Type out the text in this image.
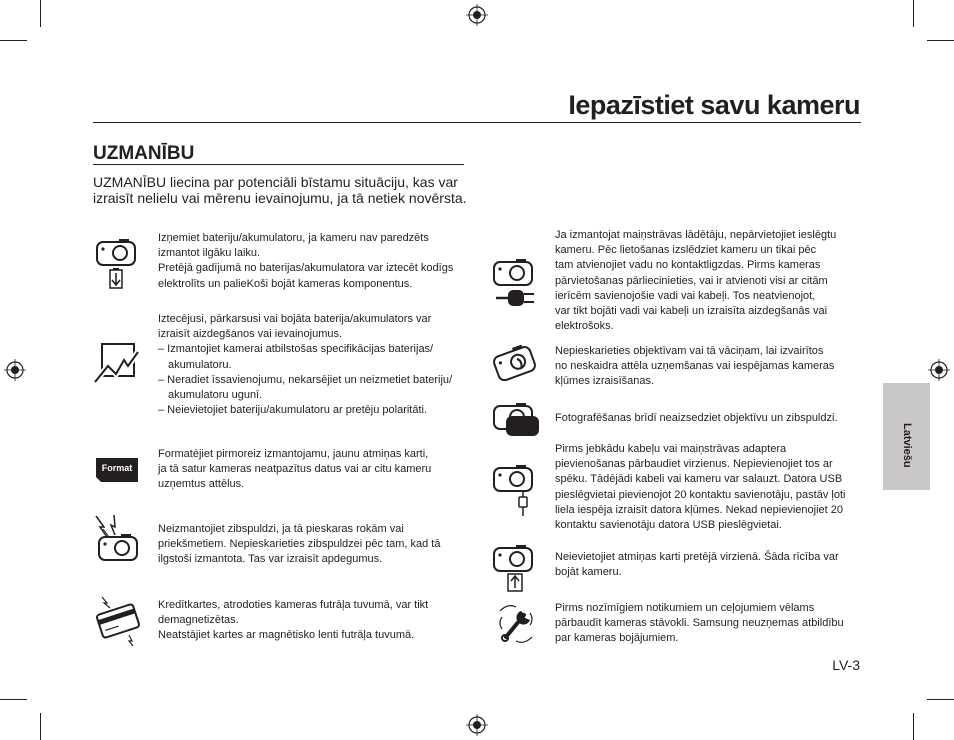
Iepazīstiet savu kameru
UZMANĪBU
UZMANĪBU liecina par potenciāli bīstamu situāciju, kas var izraisīt nelielu vai mērenu ievainojumu, ja tā netiek novērsta.

Izņemiet bateriju/akumulatoru, ja kameru nav paredzēts

izmantot ilgāku laiku.

Pretējā gadījumā no baterijas/akumulatora var iztecēt kodīgs

elektrolīts un palieKoši bojāt kameras komponentus.

Iztecējusi, pārkarsusi vai bojāta baterija/akumulators var

izraisīt aizdegšanos vai ievainojumus.

– Izmantojiet kamerai atbilstošas specifikācijas baterijas/

akumulatoru.

– Neradiet īssavienojumu, nekarsējiet un neizmetiet bateriju/

akumulatoru ugunī.

– Neievietojiet bateriju/akumulatoru ar pretēju polaritāti.

Format

Formatējiet pirmoreiz izmantojamu, jaunu atmiņas karti,

ja tā satur kameras neatpazītus datus vai ar citu kameru

uzņemtus attēlus.

Neizmantojiet zibspuldzi, ja tā pieskaras rokām vai

priekšmetiem. Nepieskarieties zibspuldzei pēc tam, kad tā

ilgstoši izmantota. Tas var izraisīt apdegumus.

Kredītkartes, atrodoties kameras futrāļa tuvumā, var tikt

demagnetizētas.

Neatstājiet kartes ar magnētisko lenti futrāļa tuvumā.

Ja izmantojat maiņstrāvas lādētāju, nepārvietojiet ieslēgtu

kameru. Pēc lietošanas izslēdziet kameru un tikai pēc

tam atvienojiet vadu no kontaktligzdas. Pirms kameras

pārvietošanas pārliecinieties, vai ir atvienoti visi ar citām

ierīcēm savienojošie vadi vai kabeļi. Tos neatvienojot,

var tikt bojāti vadi vai kabeļi un izraisīta aizdegšanās vai

elektrošoks.

Nepieskarieties objektīvam vai tā vāciņam, lai izvairītos

no neskaidra attēla uzņemšanas vai iespējamas kameras

kļūmes izraisīšanas.

Fotografēšanas brīdī neaizsedziet objektīvu un zibspuldzi.

Pirms jebkādu kabeļu vai maiņstrāvas adaptera

pievienošanas pārbaudiet virzienus. Nepievienojiet tos ar

spēku. Tādējādi kabeli vai kameru var salauzt. Datora USB

pieslēgvietai pievienojot 20 kontaktu savienotāju, pastāv ļoti

liela iespēja izraisīt datora kļūmes. Nekad nepievienojiet 20

kontaktu savienotāju datora USB pieslēgvietai.

Neievietojiet atmiņas karti pretējā virzienā. Šāda rīcība var

bojāt kameru.

Pirms nozīmīgiem notikumiem un ceļojumiem vēlams

pārbaudīt kameras stāvokli. Samsung neuzņemas atbildību

par kameras bojājumiem.

Latviešu
LV-3
